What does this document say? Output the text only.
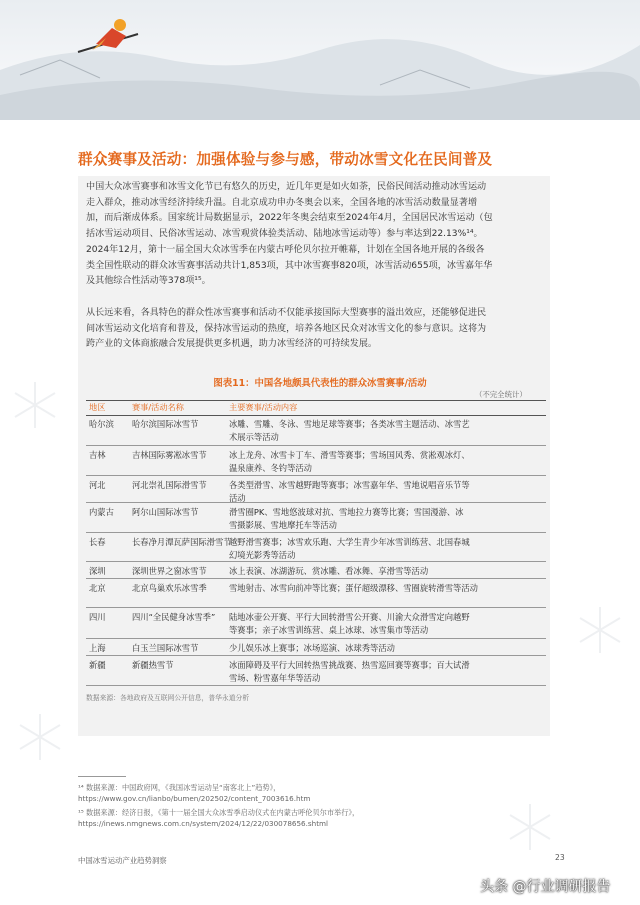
群众赛事及活动：加强体验与参与感，带动冰雪文化在民间普及
中国大众冰雪赛事和冰雪文化节已有悠久的历史，近几年更是如火如荼，民俗民间活动推动冰雪运动
走入群众，推动冰雪经济持续升温。自北京成功申办冬奥会以来，全国各地的冰雪活动数量显著增
加，而后渐成体系。国家统计局数据显示，2022年冬奥会结束至2024年4月，全国居民冰雪运动（包
括冰雪运动项目、民俗冰雪运动、冰雪观赏体验类活动、陆地冰雪运动等）参与率达到22.13%¹⁴。
2024年12月，第十一届全国大众冰雪季在内蒙古呼伦贝尔拉开帷幕，计划在全国各地开展的各级各
类全国性联动的群众冰雪赛事活动共计1,853项，其中冰雪赛事820项，冰雪活动655项，冰雪嘉年华
及其他综合性活动等378项¹⁵。
从长远来看，各具特色的群众性冰雪赛事和活动不仅能承接国际大型赛事的溢出效应，还能够促进民
间冰雪运动文化培育和普及，保持冰雪运动的热度，培养各地区民众对冰雪文化的参与意识。这将为
跨产业的文体商旅融合发展提供更多机遇，助力冰雪经济的可持续发展。
图表11：中国各地颇具代表性的群众冰雪赛事/活动
（不完全统计）
地区	赛事/活动名称	主要赛事/活动内容
哈尔滨 哈尔滨国际冰雪节	冰雕、雪雕、冬泳、雪地足球等赛事；各类冰雪主题活动、冰雪艺
术展示等活动
吉林	吉林国际雾凇冰雪节	冰上龙舟、冰雪卡丁车、滑雪等赛事；雪场国风秀、赏凇观冰灯、
温泉康养、冬钓等活动
河北	河北崇礼国际滑雪节	各类型滑雪、冰雪越野跑等赛事；冰雪嘉年华、雪地说唱音乐节等
活动
内蒙古 阿尔山国际冰雪节	滑雪圈PK、雪地悠波球对抗、雪地拉力赛等比赛；雪国漫游、冰
雪摄影展、雪地摩托车等活动
长春	长春净月潭瓦萨国际滑雪节
越野滑雪赛事；冰雪欢乐跑、大学生青少年冰雪训练营、北国春城
幻境光影秀等活动
深圳	深圳世界之窗冰雪节	冰上表演、冰湖游玩、赏冰雕、看冰舞、享滑雪等活动
北京	北京鸟巢欢乐冰雪季	雪地射击、冰雪向前冲等比赛；蛋仔超级漂移、雪圈旋转滑雪等活动
四川	四川“全民健身冰雪季” 陆地冰壶公开赛、平行大回转滑雪公开赛、川渝大众滑雪定向越野
等赛事；亲子冰雪训练营、桌上冰球、冰雪集市等活动
上海	白玉兰国际冰雪节	少儿娱乐冰上赛事；冰场巡演、冰球秀等活动
新疆	新疆热雪节	冰面障碍及平行大回转热雪挑战赛、热雪巡回赛等赛事；百大试滑
雪场、粉雪嘉年华等活动
数据来源：各地政府及互联网公开信息，普华永道分析
¹⁴ 数据来源：中国政府网，《我国冰雪运动呈“南客北上”趋势》，
https://www.gov.cn/lianbo/bumen/202502/content_7003616.htm
¹⁵ 数据来源：经济日报，《第十一届全国大众冰雪季启动仪式在内蒙古呼伦贝尔市举行》，
https://inews.nmgnews.com.cn/system/2024/12/22/030078656.shtml
中国冰雪运动产业趋势洞察	23
头条 @行业调研报告
